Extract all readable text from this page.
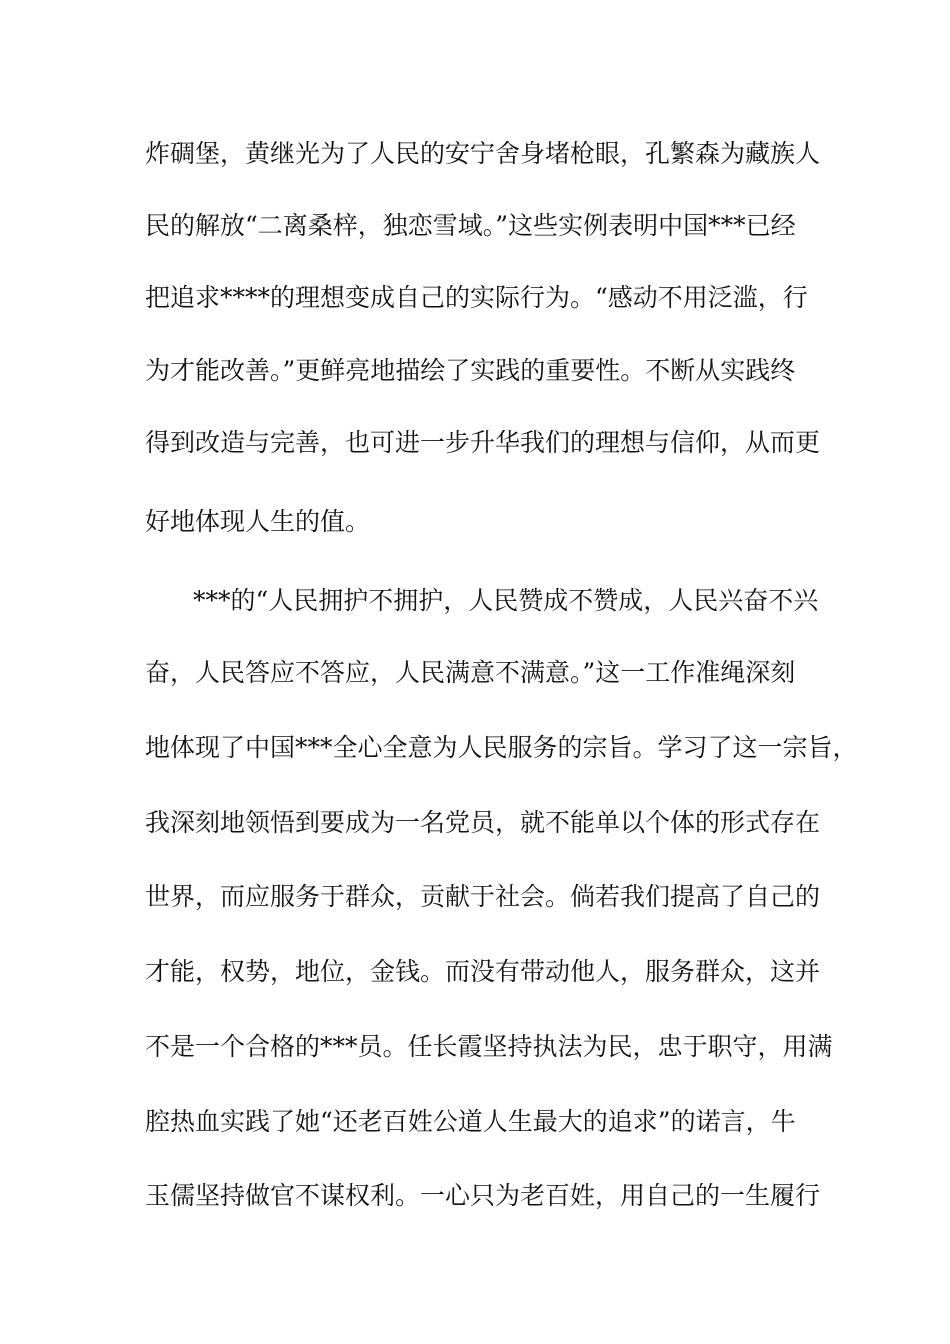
炸碉堡，黄继光为了人民的安宁舍身堵枪眼，孔繁森为藏族人
民的解放“二离桑梓，独恋雪域。”这些实例表明中国***已经
把追求****的理想变成自己的实际行为。“感动不用泛滥，行
为才能改善。”更鲜亮地描绘了实践的重要性。不断从实践终
得到改造与完善，也可进一步升华我们的理想与信仰，从而更
好地体现人生的值。
***的“人民拥护不拥护，人民赞成不赞成，人民兴奋不兴
奋，人民答应不答应，人民满意不满意。”这一工作准绳深刻
地体现了中国***全心全意为人民服务的宗旨。学习了这一宗旨，
我深刻地领悟到要成为一名党员，就不能单以个体的形式存在
世界，而应服务于群众，贡献于社会。倘若我们提高了自己的
才能，权势，地位，金钱。而没有带动他人，服务群众，这并
不是一个合格的***员。任长霞坚持执法为民，忠于职守，用满
腔热血实践了她“还老百姓公道人生最大的追求”的诺言，牛
玉儒坚持做官不谋权利。一心只为老百姓，用自己的一生履行
